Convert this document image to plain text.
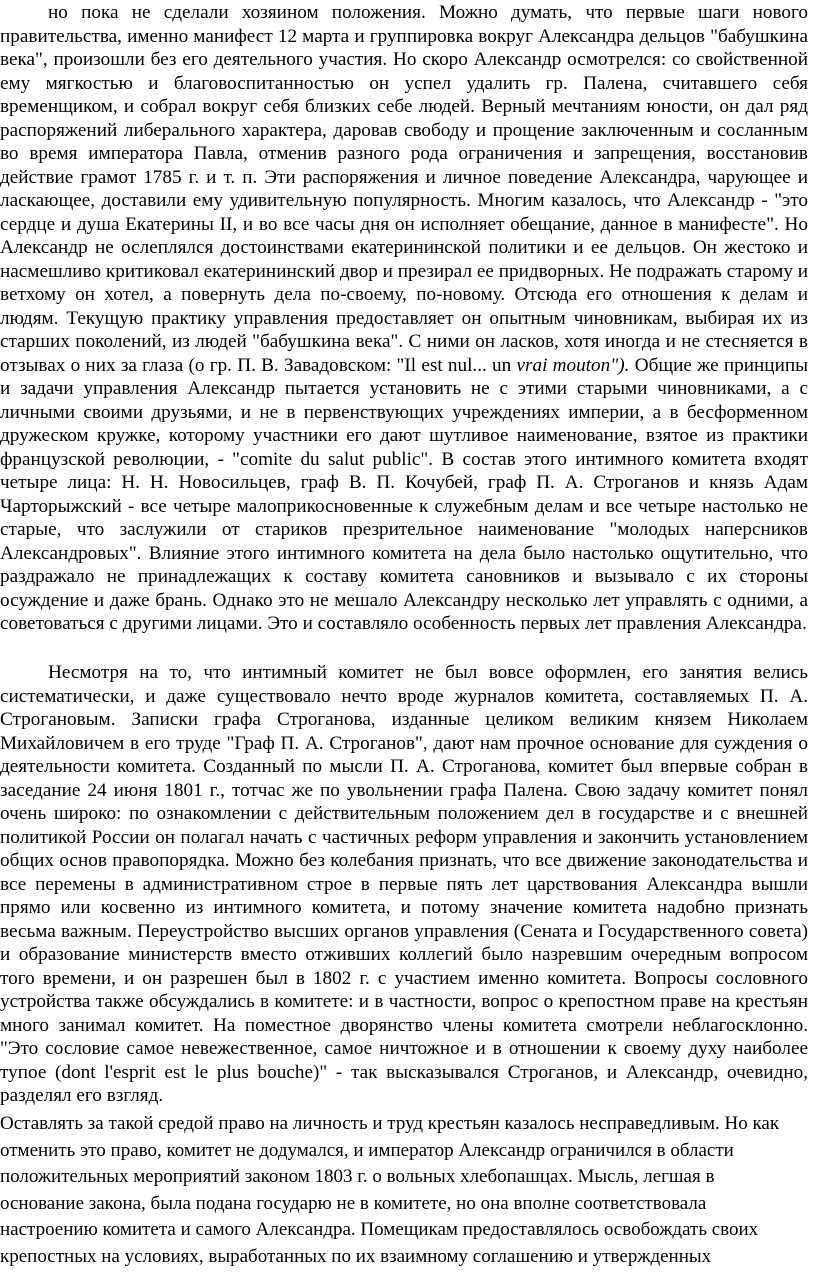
но пока не сделали хозяином положения. Можно думать, что первые шаги нового правительства, именно манифест 12 марта и группировка вокруг Александра дельцов "бабушкина века", произошли без его деятельного участия. Но скоро Александр осмотрелся: со свойственной ему мягкостью и благовоспитанностью он успел удалить гр. Палена, считавшего себя временщиком, и собрал вокруг себя близких себе людей. Верный мечтаниям юности, он дал ряд распоряжений либерального характера, даровав свободу и прощение заключенным и сосланным во время императора Павла, отменив разного рода ограничения и запрещения, восстановив действие грамот 1785 г. и т. п. Эти распоряжения и личное поведение Александра, чарующее и ласкающее, доставили ему удивительную популярность. Многим казалось, что Александр - "это сердце и душа Екатерины II, и во все часы дня он исполняет обещание, данное в манифесте". Но Александр не ослеплялся достоинствами екатерининской политики и ее дельцов. Он жестоко и насмешливо критиковал екатерининский двор и презирал ее придворных. Не подражать старому и ветхому он хотел, а повернуть дела по-своему, по-новому. Отсюда его отношения к делам и людям. Текущую практику управления предоставляет он опытным чиновникам, выбирая их из старших поколений, из людей "бабушкина века". С ними он ласков, хотя иногда и не стесняется в отзывах о них за глаза (о гр. П. В. Завадовском: "Il est nul... un vrai mouton"). Общие же принципы и задачи управления Александр пытается установить не с этими старыми чиновниками, а с личными своими друзьями, и не в первенствующих учреждениях империи, а в бесформенном дружеском кружке, которому участники его дают шутливое наименование, взятое из практики французской революции, - "comite du salut public". В состав этого интимного комитета входят четыре лица: Н. Н. Новосильцев, граф В. П. Кочубей, граф П. А. Строганов и князь Адам Чарторыжский - все четыре малоприкосновенные к служебным делам и все четыре настолько не старые, что заслужили от стариков презрительное наименование "молодых наперсников Александровых". Влияние этого интимного комитета на дела было настолько ощутительно, что раздражало не принадлежащих к составу комитета сановников и вызывало с их стороны осуждение и даже брань. Однако это не мешало Александру несколько лет управлять с одними, а советоваться с другими лицами. Это и составляло особенность первых лет правления Александра.
Несмотря на то, что интимный комитет не был вовсе оформлен, его занятия велись систематически, и даже существовало нечто вроде журналов комитета, составляемых П. А. Строгановым. Записки графа Строганова, изданные целиком великим князем Николаем Михайловичем в его труде "Граф П. А. Строганов", дают нам прочное основание для суждения о деятельности комитета. Созданный по мысли П. А. Строганова, комитет был впервые собран в заседание 24 июня 1801 г., тотчас же по увольнении графа Палена. Свою задачу комитет понял очень широко: по ознакомлении с действительным положением дел в государстве и с внешней политикой России он полагал начать с частичных реформ управления и закончить установлением общих основ правопорядка. Можно без колебания признать, что все движение законодательства и все перемены в административном строе в первые пять лет царствования Александра вышли прямо или косвенно из интимного комитета, и потому значение комитета надобно признать весьма важным. Переустройство высших органов управления (Сената и Государственного совета) и образование министерств вместо отживших коллегий было назревшим очередным вопросом того времени, и он разрешен был в 1802 г. с участием именно комитета. Вопросы сословного устройства также обсуждались в комитете: и в частности, вопрос о крепостном праве на крестьян много занимал комитет. На поместное дворянство члены комитета смотрели неблагосклонно. "Это сословие самое невежественное, самое ничтожное и в отношении к своему духу наиболее тупое (dont l'esprit est le plus bouche)" - так высказывался Строганов, и Александр, очевидно, разделял его взгляд.
Оставлять за такой средой право на личность и труд крестьян казалось несправедливым. Но как отменить это право, комитет не додумался, и император Александр ограничился в области положительных мероприятий законом 1803 г. о вольных хлебопашцах. Мысль, легшая в основание закона, была подана государю не в комитете, но она вполне соответствовала настроению комитета и самого Александра. Помещикам предоставлялось освобождать своих крепостных на условиях, выработанных по их взаимному соглашению и утвержденных
